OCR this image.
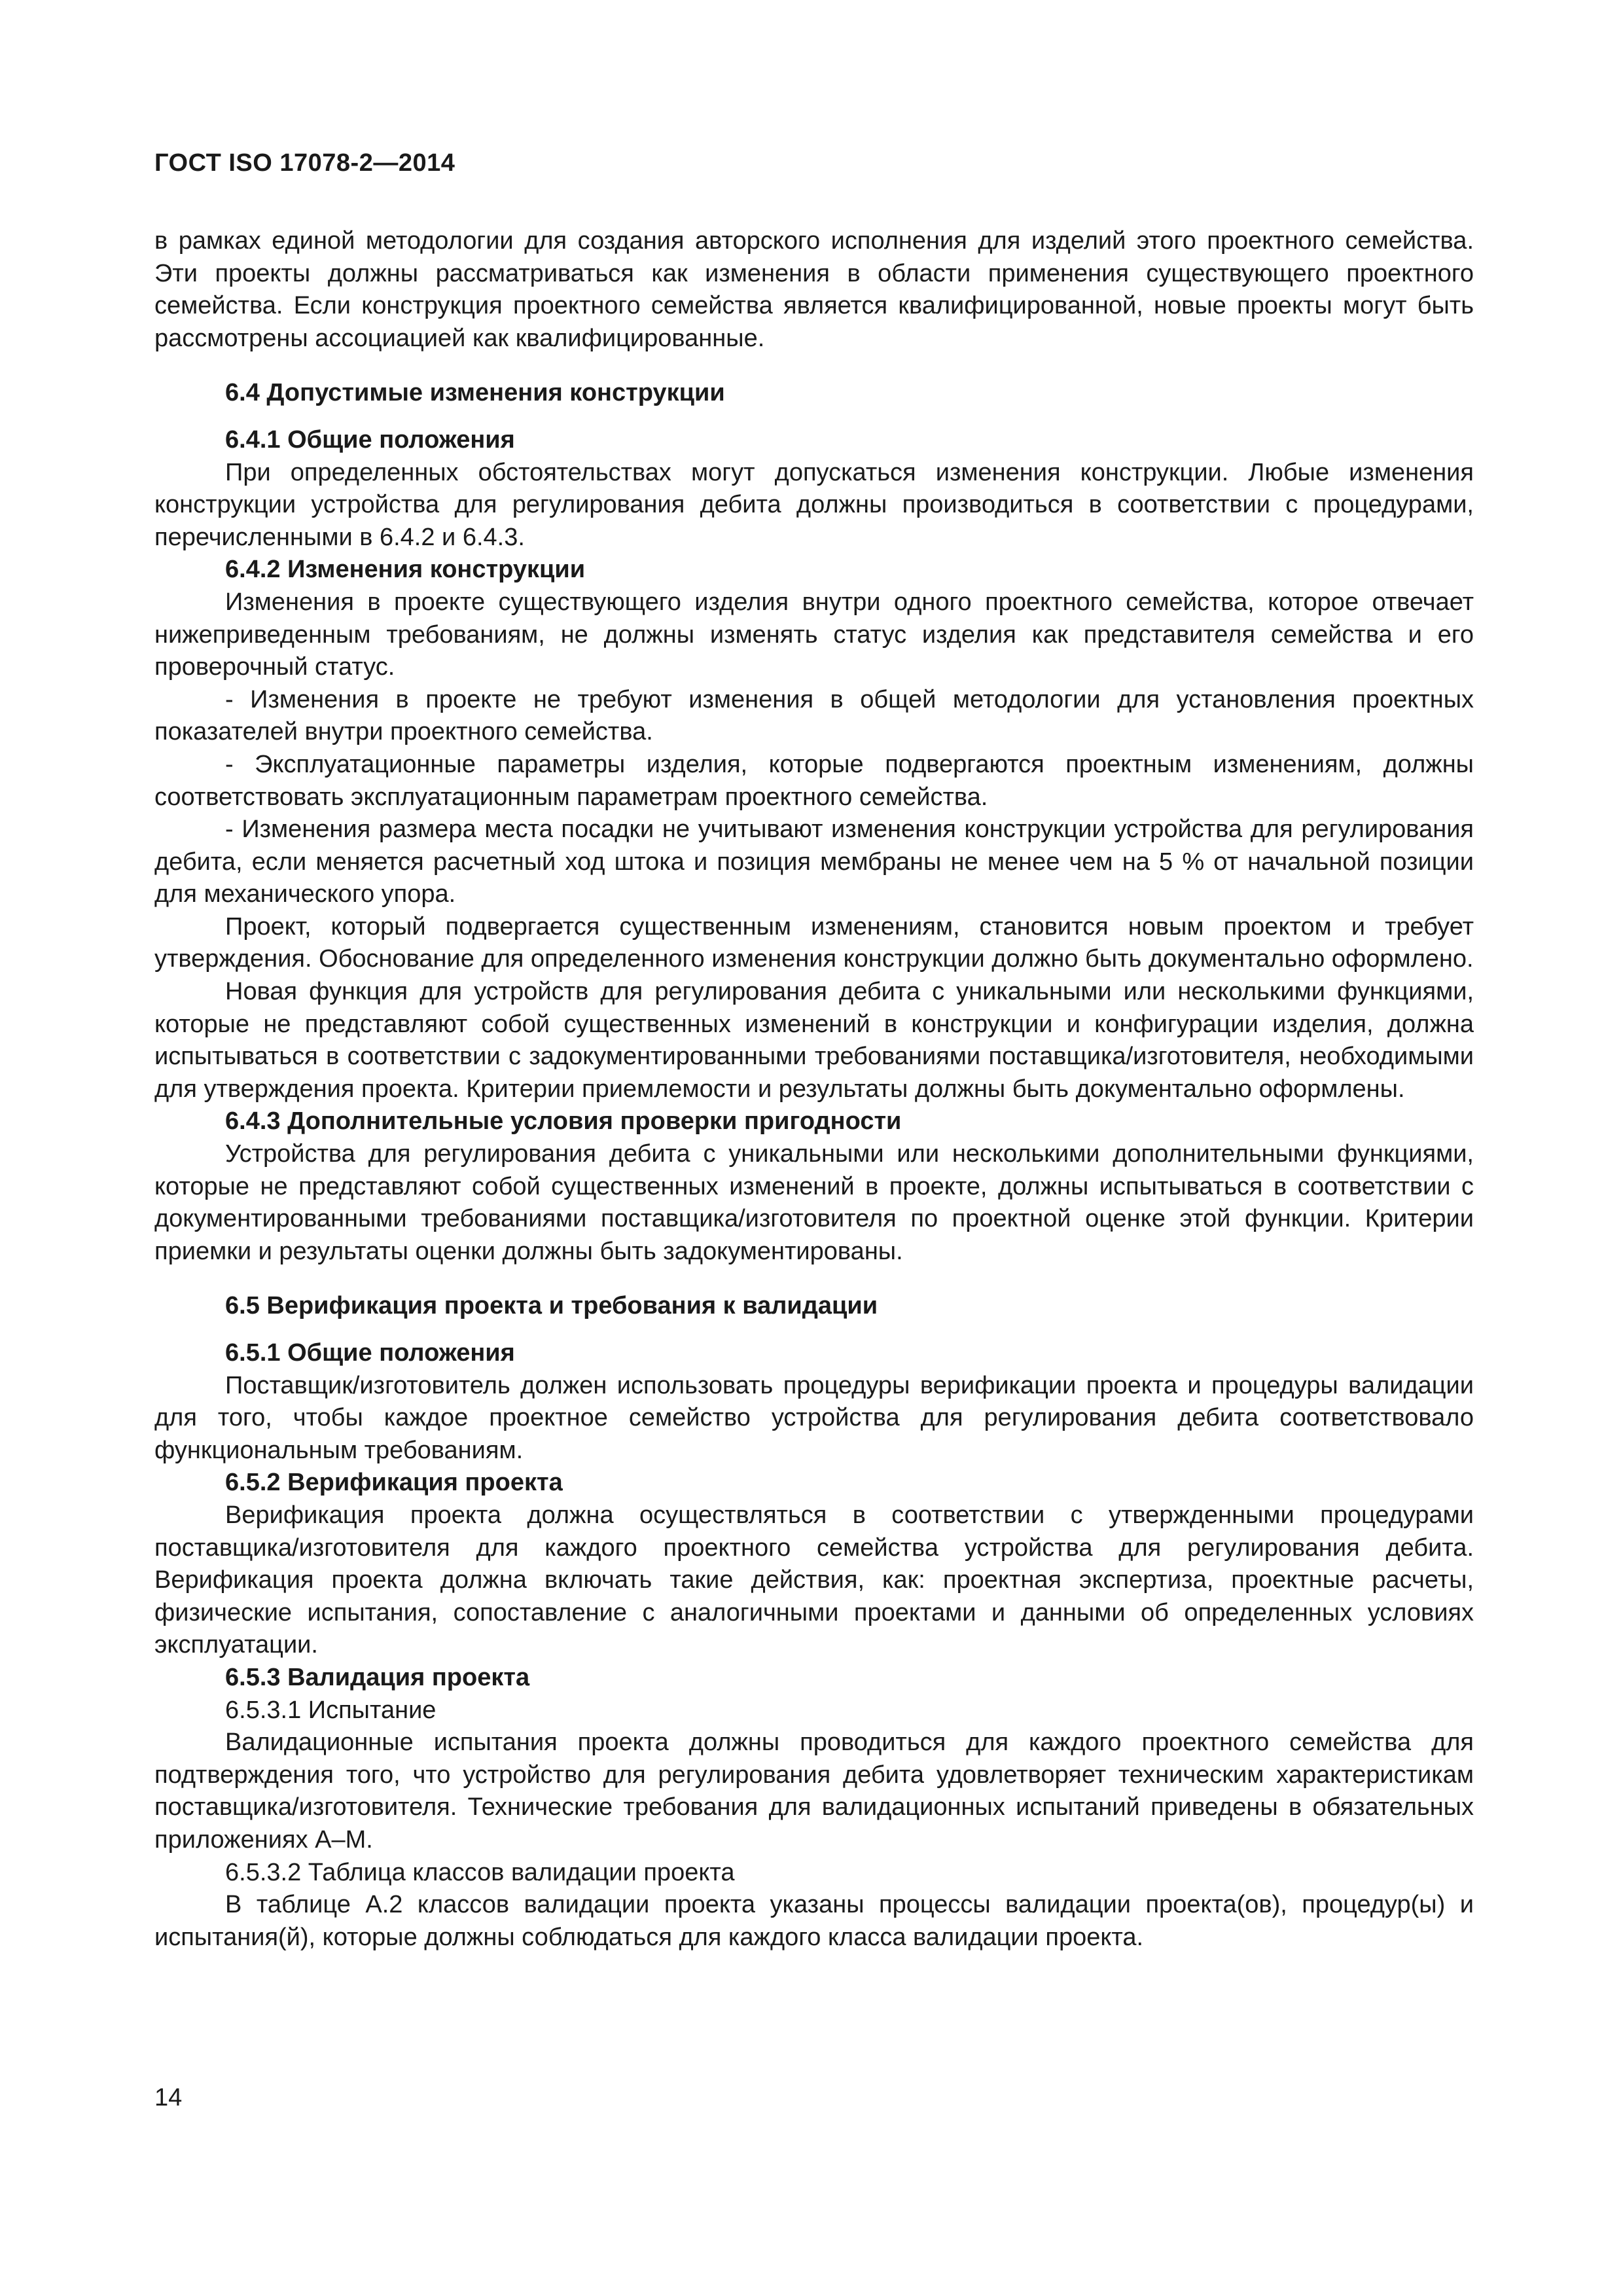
ГОСТ ISO 17078-2—2014

в рамках единой методологии для создания авторского исполнения для изделий этого проектного семейства. Эти проекты должны рассматриваться как изменения в области применения существующего проектного семейства. Если конструкция проектного семейства является квалифицированной, новые проекты могут быть рассмотрены ассоциацией как квалифицированные.

6.4 Допустимые изменения конструкции

6.4.1 Общие положения

При определенных обстоятельствах могут допускаться изменения конструкции. Любые изменения конструкции устройства для регулирования дебита должны производиться в соответствии с процедурами, перечисленными в 6.4.2 и 6.4.3.

6.4.2 Изменения конструкции

Изменения в проекте существующего изделия внутри одного проектного семейства, которое отвечает нижеприведенным требованиям, не должны изменять статус изделия как представителя семейства и его проверочный статус.

- Изменения в проекте не требуют изменения в общей методологии для установления проектных показателей внутри проектного семейства.

- Эксплуатационные параметры изделия, которые подвергаются проектным изменениям, должны соответствовать эксплуатационным параметрам проектного семейства.

- Изменения размера места посадки не учитывают изменения конструкции устройства для регулирования дебита, если меняется расчетный ход штока и позиция мембраны не менее чем на 5 % от начальной позиции для механического упора.

Проект, который подвергается существенным изменениям, становится новым проектом и требует утверждения. Обоснование для определенного изменения конструкции должно быть документально оформлено.

Новая функция для устройств для регулирования дебита с уникальными или несколькими функциями, которые не представляют собой существенных изменений в конструкции и конфигурации изделия, должна испытываться в соответствии с задокументированными требованиями поставщика/изготовителя, необходимыми для утверждения проекта. Критерии приемлемости и результаты должны быть документально оформлены.

6.4.3 Дополнительные условия проверки пригодности

Устройства для регулирования дебита с уникальными или несколькими дополнительными функциями, которые не представляют собой существенных изменений в проекте, должны испытываться в соответствии с документированными требованиями поставщика/изготовителя по проектной оценке этой функции. Критерии приемки и результаты оценки должны быть задокументированы.

6.5 Верификация проекта и требования к валидации

6.5.1 Общие положения

Поставщик/изготовитель должен использовать процедуры верификации проекта и процедуры валидации для того, чтобы каждое проектное семейство устройства для регулирования дебита соответствовало функциональным требованиям.

6.5.2 Верификация проекта

Верификация проекта должна осуществляться в соответствии с утвержденными процедурами поставщика/изготовителя для каждого проектного семейства устройства для регулирования дебита. Верификация проекта должна включать такие действия, как: проектная экспертиза, проектные расчеты, физические испытания, сопоставление с аналогичными проектами и данными об определенных условиях эксплуатации.

6.5.3 Валидация проекта

6.5.3.1 Испытание

Валидационные испытания проекта должны проводиться для каждого проектного семейства для подтверждения того, что устройство для регулирования дебита удовлетворяет техническим характеристикам поставщика/изготовителя. Технические требования для валидационных испытаний приведены в обязательных приложениях А–М.

6.5.3.2 Таблица классов валидации проекта

В таблице А.2 классов валидации проекта указаны процессы валидации проекта(ов), процедур(ы) и испытания(й), которые должны соблюдаться для каждого класса валидации проекта.

14
